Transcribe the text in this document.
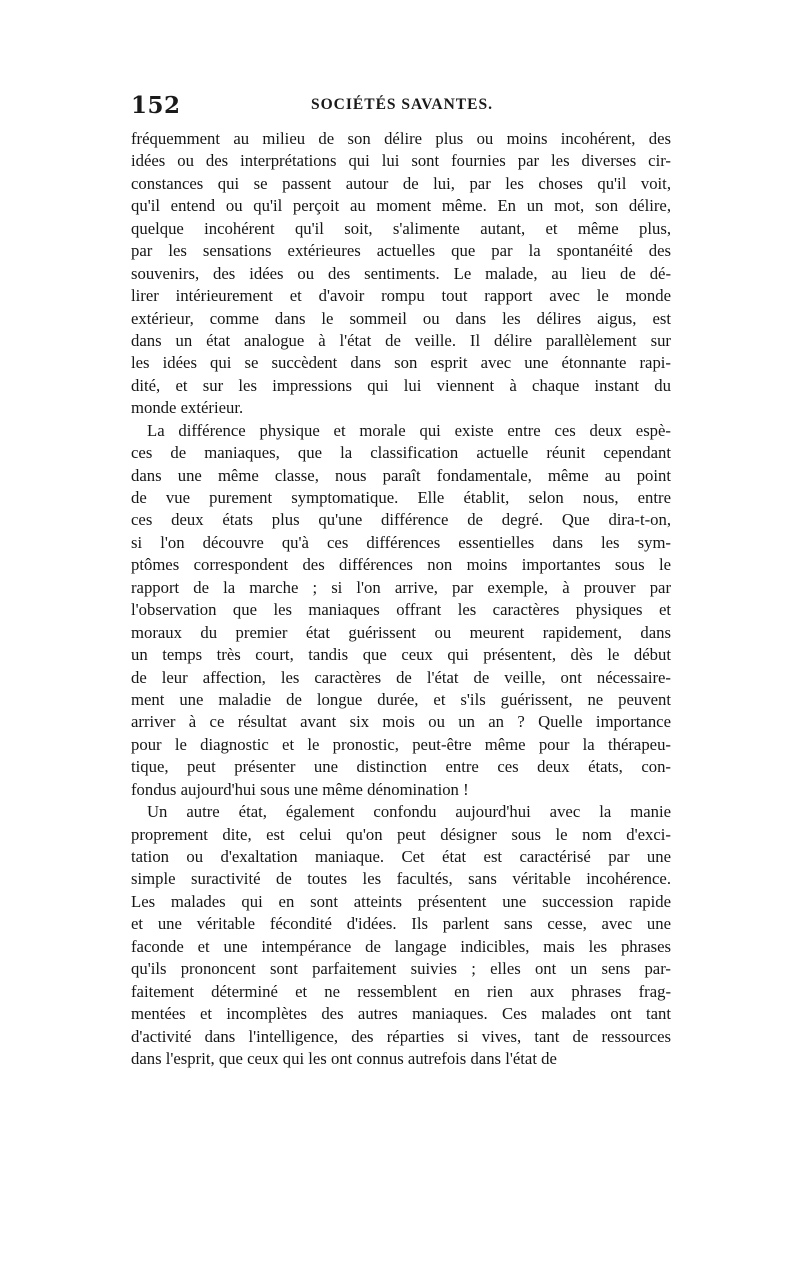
152	SOCIÉTÉS SAVANTES.
fréquemment au milieu de son délire plus ou moins incohérent, des
idées ou des interprétations qui lui sont fournies par les diverses cir-
constances qui se passent autour de lui, par les choses qu'il voit,
qu'il entend ou qu'il perçoit au moment même. En un mot, son délire,
quelque incohérent qu'il soit, s'alimente autant, et même plus,
par les sensations extérieures actuelles que par la spontanéité des
souvenirs, des idées ou des sentiments. Le malade, au lieu de dé-
lirer intérieurement et d'avoir rompu tout rapport avec le monde
extérieur, comme dans le sommeil ou dans les délires aigus, est
dans un état analogue à l'état de veille. Il délire parallèlement sur
les idées qui se succèdent dans son esprit avec une étonnante rapi-
dité, et sur les impressions qui lui viennent à chaque instant du
monde extérieur.
La différence physique et morale qui existe entre ces deux espè-
ces de maniaques, que la classification actuelle réunit cependant
dans une même classe, nous paraît fondamentale, même au point
de vue purement symptomatique. Elle établit, selon nous, entre
ces deux états plus qu'une différence de degré. Que dira-t-on,
si l'on découvre qu'à ces différences essentielles dans les sym-
ptômes correspondent des différences non moins importantes sous le
rapport de la marche ; si l'on arrive, par exemple, à prouver par
l'observation que les maniaques offrant les caractères physiques et
moraux du premier état guérissent ou meurent rapidement, dans
un temps très court, tandis que ceux qui présentent, dès le début
de leur affection, les caractères de l'état de veille, ont nécessaire-
ment une maladie de longue durée, et s'ils guérissent, ne peuvent
arriver à ce résultat avant six mois ou un an ? Quelle importance
pour le diagnostic et le pronostic, peut-être même pour la thérapeu-
tique, peut présenter une distinction entre ces deux états, con-
fondus aujourd'hui sous une même dénomination !
Un autre état, également confondu aujourd'hui avec la manie
proprement dite, est celui qu'on peut désigner sous le nom d'exci-
tation ou d'exaltation maniaque. Cet état est caractérisé par une
simple suractivité de toutes les facultés, sans véritable incohérence.
Les malades qui en sont atteints présentent une succession rapide
et une véritable fécondité d'idées. Ils parlent sans cesse, avec une
faconde et une intempérance de langage indicibles, mais les phrases
qu'ils prononcent sont parfaitement suivies ; elles ont un sens par-
faitement déterminé et ne ressemblent en rien aux phrases frag-
mentées et incomplètes des autres maniaques. Ces malades ont tant
d'activité dans l'intelligence, des réparties si vives, tant de ressources
dans l'esprit, que ceux qui les ont connus autrefois dans l'état de
